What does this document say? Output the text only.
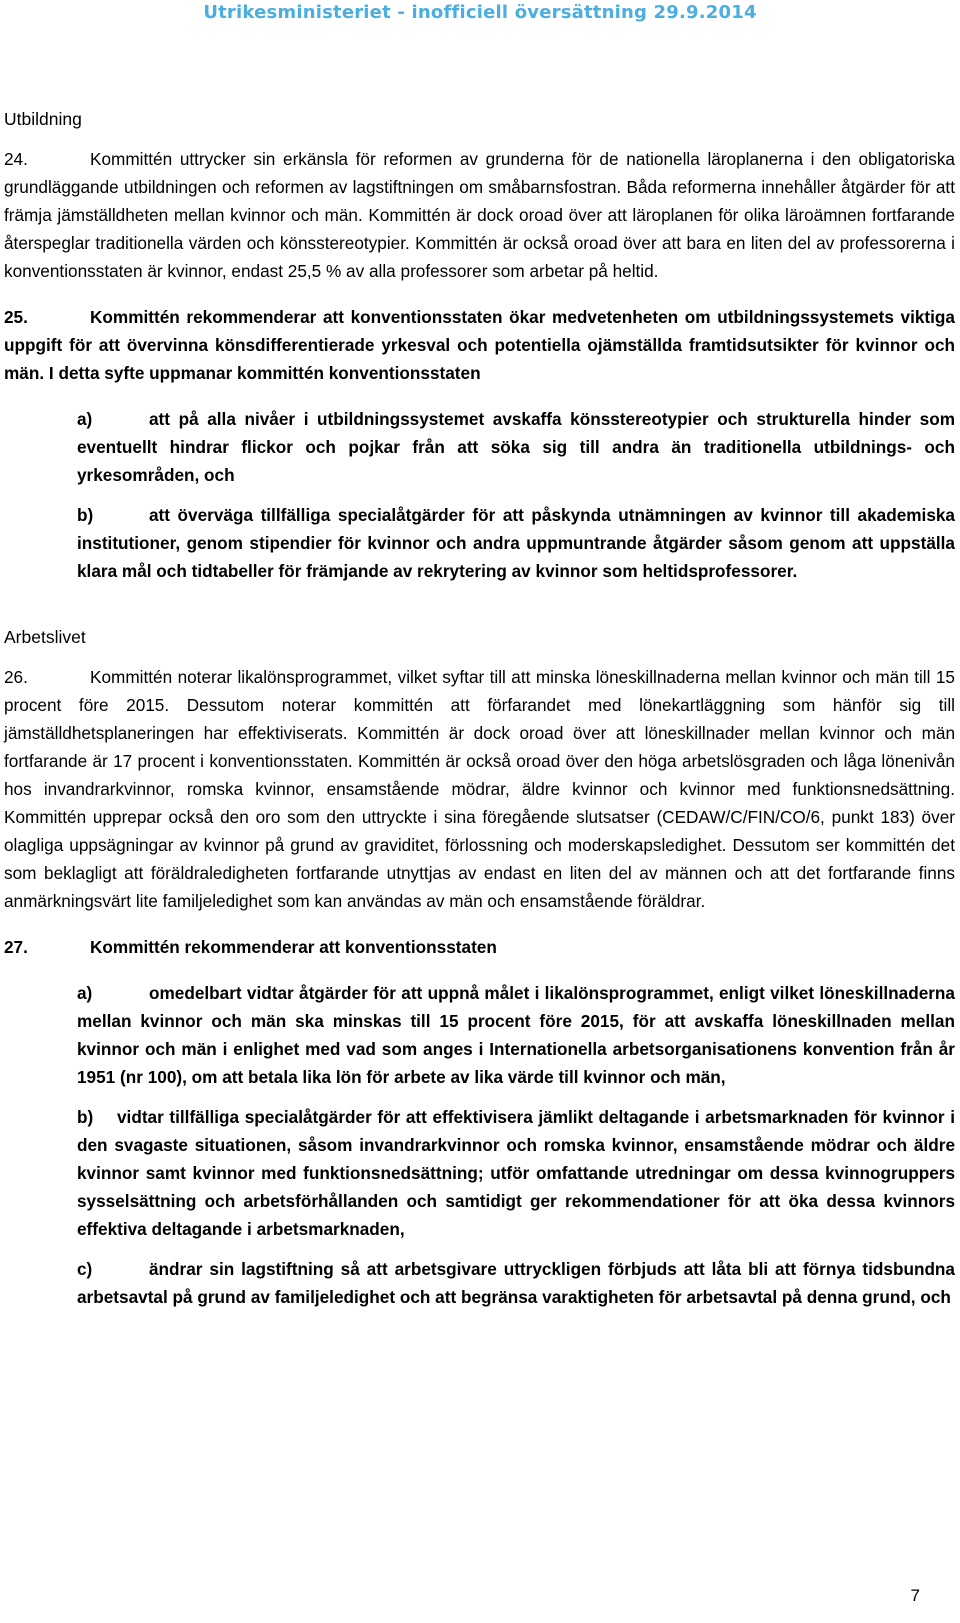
Utrikesministeriet - inofficiell översättning 29.9.2014

Utbildning

24.	Kommittén uttrycker sin erkänsla för reformen av grunderna för de nationella läroplanerna i den obligatoriska grundläggande utbildningen och reformen av lagstiftningen om småbarnsfostran. Båda reformerna innehåller åtgärder för att främja jämställdheten mellan kvinnor och män. Kommittén är dock oroad över att läroplanen för olika läroämnen fortfarande återspeglar traditionella värden och könsstereotypier. Kommittén är också oroad över att bara en liten del av professorerna i konventionsstaten är kvinnor, endast 25,5 % av alla professorer som arbetar på heltid.

25.	Kommittén rekommenderar att konventionsstaten ökar medvetenheten om utbildningssystemets viktiga uppgift för att övervinna könsdifferentierade yrkesval och potentiella ojämställda framtidsutsikter för kvinnor och män. I detta syfte uppmanar kommittén konventionsstaten

a)	att på alla nivåer i utbildningssystemet avskaffa könsstereotypier och strukturella hinder som eventuellt hindrar flickor och pojkar från att söka sig till andra än traditionella utbildnings- och yrkesområden, och

b)	att överväga tillfälliga specialåtgärder för att påskynda utnämningen av kvinnor till akademiska institutioner, genom stipendier för kvinnor och andra uppmuntrande åtgärder såsom genom att uppställa klara mål och tidtabeller för främjande av rekrytering av kvinnor som heltidsprofessorer.

Arbetslivet

26.	Kommittén noterar likalönsprogrammet, vilket syftar till att minska löneskillnaderna mellan kvinnor och män till 15 procent före 2015. Dessutom noterar kommittén att förfarandet med lönekartläggning som hänför sig till jämställdhetsplaneringen har effektiviserats. Kommittén är dock oroad över att löneskillnader mellan kvinnor och män fortfarande är 17 procent i konventionsstaten. Kommittén är också oroad över den höga arbetslösgraden och låga lönenivån hos invandrarkvinnor, romska kvinnor, ensamstående mödrar, äldre kvinnor och kvinnor med funktionsnedsättning. Kommittén upprepar också den oro som den uttryckte i sina föregående slutsatser (CEDAW/C/FIN/CO/6, punkt 183) över olagliga uppsägningar av kvinnor på grund av graviditet, förlossning och moderskapsledighet. Dessutom ser kommittén det som beklagligt att föräldraledigheten fortfarande utnyttjas av endast en liten del av männen och att det fortfarande finns anmärkningsvärt lite familjeledighet som kan användas av män och ensamstående föräldrar.

27.	Kommittén rekommenderar att konventionsstaten

a)	omedelbart vidtar åtgärder för att uppnå målet i likalönsprogrammet, enligt vilket löneskillnaderna mellan kvinnor och män ska minskas till 15 procent före 2015, för att avskaffa löneskillnaden mellan kvinnor och män i enlighet med vad som anges i Internationella arbetsorganisationens konvention från år 1951 (nr 100), om att betala lika lön för arbete av lika värde till kvinnor och män,

b) vidtar tillfälliga specialåtgärder för att effektivisera jämlikt deltagande i arbetsmarknaden för kvinnor i den svagaste situationen, såsom invandrarkvinnor och romska kvinnor, ensamstående mödrar och äldre kvinnor samt kvinnor med funktionsnedsättning; utför omfattande utredningar om dessa kvinnogruppers sysselsättning och arbetsförhållanden och samtidigt ger rekommendationer för att öka dessa kvinnors effektiva deltagande i arbetsmarknaden,

c)	ändrar sin lagstiftning så att arbetsgivare uttryckligen förbjuds att låta bli att förnya tidsbundna arbetsavtal på grund av familjeledighet och att begränsa varaktigheten för arbetsavtal på denna grund, och

7
